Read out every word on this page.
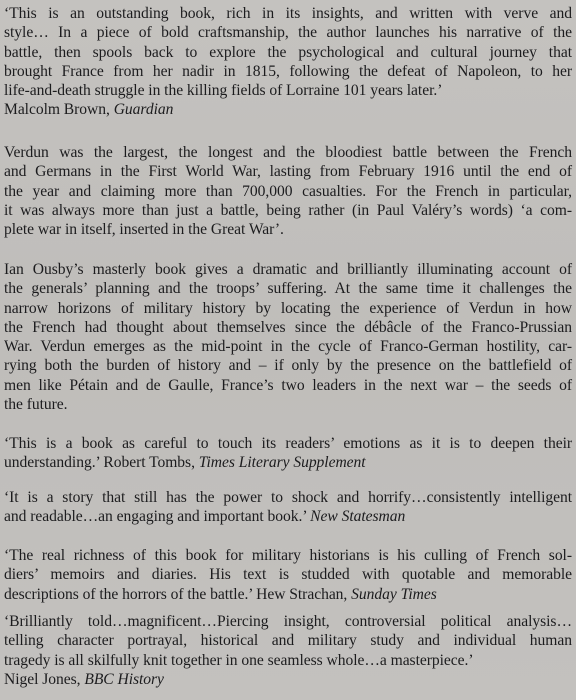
‘This is an outstanding book, rich in its insights, and written with verve and
style… In a piece of bold craftsmanship, the author launches his narrative of the
battle, then spools back to explore the psychological and cultural journey that
brought France from her nadir in 1815, following the defeat of Napoleon, to her
life-and-death struggle in the killing fields of Lorraine 101 years later.’
Malcolm Brown, Guardian
Verdun was the largest, the longest and the bloodiest battle between the French
and Germans in the First World War, lasting from February 1916 until the end of
the year and claiming more than 700,000 casualties. For the French in particular,
it was always more than just a battle, being rather (in Paul Valéry’s words) ‘a com-
plete war in itself, inserted in the Great War’.
Ian Ousby’s masterly book gives a dramatic and brilliantly illuminating account of
the generals’ planning and the troops’ suffering. At the same time it challenges the
narrow horizons of military history by locating the experience of Verdun in how
the French had thought about themselves since the débâcle of the Franco-Prussian
War. Verdun emerges as the mid-point in the cycle of Franco-German hostility, car-
rying both the burden of history and – if only by the presence on the battlefield of
men like Pétain and de Gaulle, France’s two leaders in the next war – the seeds of
the future.
‘This is a book as careful to touch its readers’ emotions as it is to deepen their
understanding.’ Robert Tombs, Times Literary Supplement
‘It is a story that still has the power to shock and horrify…consistently intelligent
and readable…an engaging and important book.’ New Statesman
‘The real richness of this book for military historians is his culling of French sol-
diers’ memoirs and diaries. His text is studded with quotable and memorable
descriptions of the horrors of the battle.’ Hew Strachan, Sunday Times
‘Brilliantly told…magnificent…Piercing insight, controversial political analysis…
telling character portrayal, historical and military study and individual human
tragedy is all skilfully knit together in one seamless whole…a masterpiece.’
Nigel Jones, BBC History
